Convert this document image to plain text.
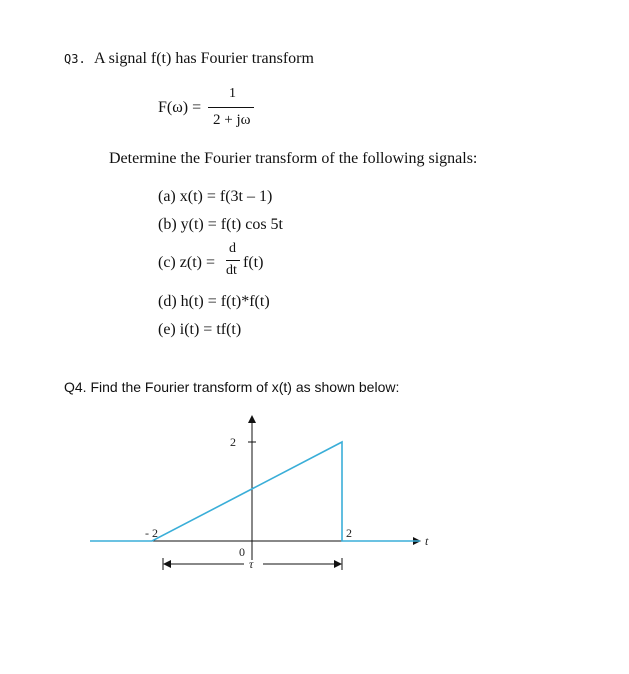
Q3. A signal f(t) has Fourier transform
F(ω) =
1
2 + jω
Determine the Fourier transform of the following signals:
(a) x(t) = f(3t – 1)
(b) y(t) = f(t) cos 5t
(c) z(t) =
d
dt f(t)
(d) h(t) = f(t)*f(t)
(e) i(t) = tf(t)
Q4. Find the Fourier transform of x(t) as shown below:
2
- 2	2
0
t
τ
